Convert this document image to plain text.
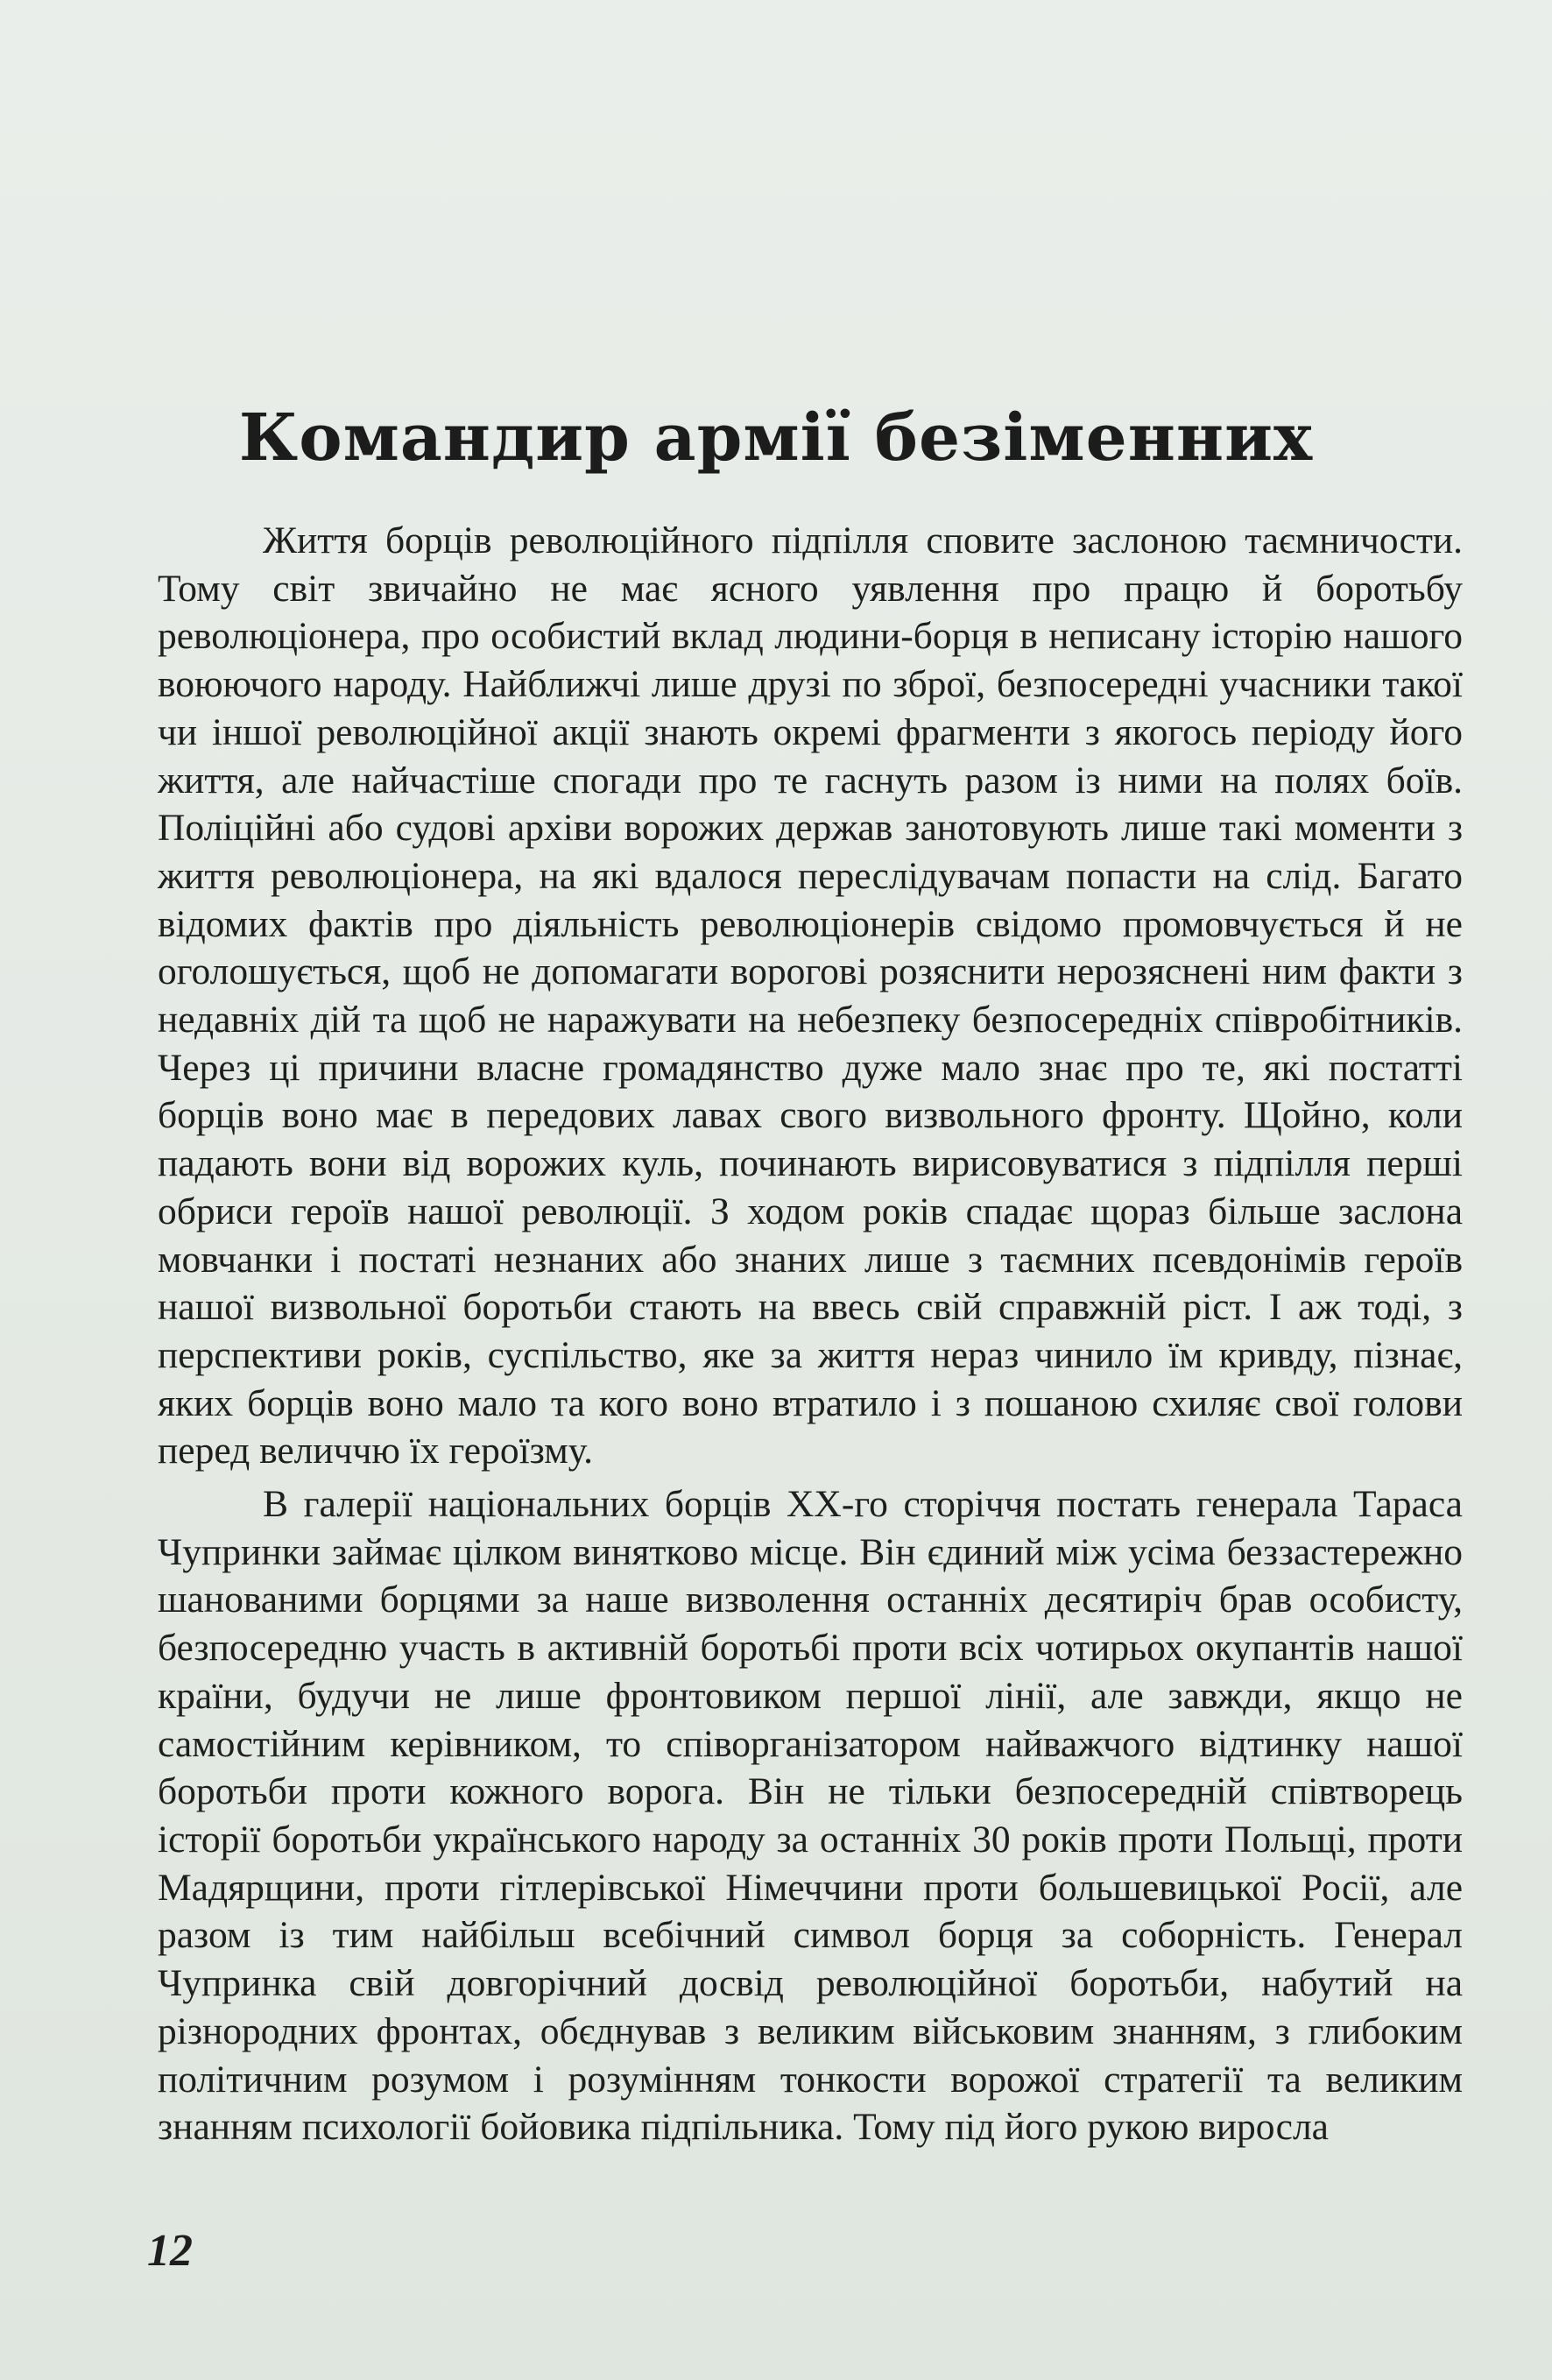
Командир армії безіменних

Життя борців революційного підпілля сповите заслоною таємничости. Тому світ звичайно не має ясного уявлення про працю й боротьбу революціонера, про особистий вклад людини-борця в неписану історію нашого воюючого народу. Найближчі лише друзі по зброї, безпосередні учасники такої чи іншої революційної акції знають окремі фрагменти з якогось періоду його життя, але найчастіше спогади про те гаснуть разом із ними на полях боїв. Поліційні або судові архіви ворожих держав занотовують лише такі моменти з життя революціонера, на які вдалося переслідувачам попасти на слід. Багато відомих фактів про діяльність революціонерів свідомо промовчується й не оголошується, щоб не допомагати ворогові розяснити нерозяснені ним факти з недавніх дій та щоб не наражувати на небезпеку безпосередніх співробітників. Через ці причини власне громадянство дуже мало знає про те, які постатті борців воно має в передових лавах свого визвольного фронту. Щойно, коли падають вони від ворожих куль, починають вирисовуватися з підпілля перші обриси героїв нашої революції. З ходом років спадає щораз більше заслона мовчанки і постаті незнаних або знаних лише з таємних псевдонімів героїв нашої визвольної боротьби стають на ввесь свій справжній ріст. І аж тоді, з перспективи років, суспільство, яке за життя нераз чинило їм кривду, пізнає, яких борців воно мало та кого воно втратило і з пошаною схиляє свої голови перед величчю їх героїзму.

В галерії національних борців XX-го сторіччя постать генерала Тараса Чупринки займає цілком винятково місце. Він єдиний між усіма беззастережно шанованими борцями за наше визволення останніх десятиріч брав особисту, безпосередню участь в активній боротьбі проти всіх чотирьох окупантів нашої країни, будучи не лише фронтовиком першої лінії, але завжди, якщо не самостійним керівником, то співорганізатором найважчого відтинку нашої боротьби проти кожного ворога. Він не тільки безпосередній співтворець історії боротьби українського народу за останніх 30 років проти Польщі, проти Мадярщини, проти гітлерівської Німеччини проти большевицької Росії, але разом із тим найбільш всебічний символ борця за соборність. Генерал Чупринка свій довгорічний досвід революційної боротьби, набутий на різнородних фронтах, обєднував з великим військовим знанням, з глибоким політичним розумом і розумінням тонкости ворожої стратегії та великим знанням психології бойовика підпільника. Тому під його рукою виросла

12
